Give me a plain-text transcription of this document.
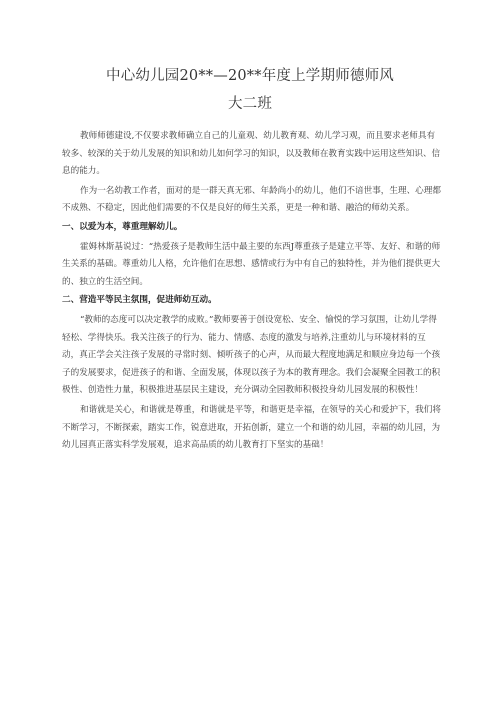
中心幼儿园20**—20**年度上学期师德师风
大二班

教师师德建设,不仅要求教师确立自己的儿童观、幼儿教育观、幼儿学习观，而且要求老师具有较多、较深的关于幼儿发展的知识和幼儿如何学习的知识，以及教师在教育实践中运用这些知识、信息的能力。

作为一名幼教工作者，面对的是一群天真无邪、年龄尚小的幼儿，他们不谙世事，生理、心理都不成熟、不稳定，因此他们需要的不仅是良好的师生关系，更是一种和谐、融洽的师幼关系。

一、以爱为本，尊重理解幼儿。

霍姆林斯基说过：“热爱孩子是教师生活中最主要的东西J尊重孩子是建立平等、友好、和谐的师生关系的基础。尊重幼儿人格，允许他们在思想、感情或行为中有自己的独特性，并为他们提供更大的、独立的生活空间。

二、营造平等民主氛围，促进师幼互动。

“教师的态度可以决定教学的成败。”教师要善于创设宽松、安全、愉悦的学习氛围，让幼儿学得轻松、学得快乐。我关注孩子的行为、能力、情感、态度的激发与培养,注重幼儿与环境材料的互动，真正学会关注孩子发展的寻常时刻、倾听孩子的心声，从而最大程度地满足和顺应身边每一个孩子的发展要求，促进孩子的和谐、全面发展，体现以孩子为本的教育理念。我们会凝聚全园教工的积极性、创造性力量，积极推进基层民主建设，充分调动全园教师积极投身幼儿园发展的积极性！

和谐就是关心，和谐就是尊重，和谐就是平等，和谐更是幸福，在领导的关心和爱护下，我们将不断学习，不断探索，踏实工作，锐意进取，开拓创新，建立一个和谐的幼儿园，幸福的幼儿园，为幼儿园真正落实科学发展观，追求高品质的幼儿教育打下坚实的基础！
